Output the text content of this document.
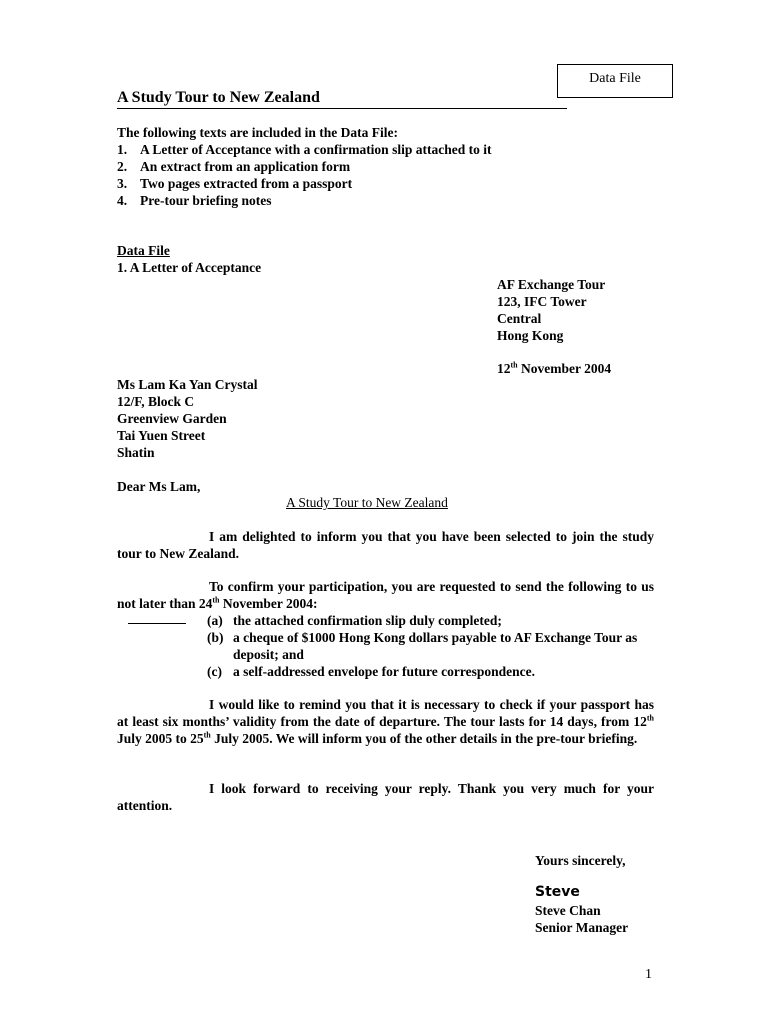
Data File
A Study Tour to New Zealand
The following texts are included in the Data File:
1. A Letter of Acceptance with a confirmation slip attached to it
2. An extract from an application form
3. Two pages extracted from a passport
4. Pre-tour briefing notes
Data File
1. A Letter of Acceptance
AF Exchange Tour
123, IFC Tower
Central
Hong Kong
12th November 2004
Ms Lam Ka Yan Crystal
12/F, Block C
Greenview Garden
Tai Yuen Street
Shatin
Dear Ms Lam,
A Study Tour to New Zealand
I am delighted to inform you that you have been selected to join the study tour to New Zealand.
To confirm your participation, you are requested to send the following to us not later than 24th November 2004:
(a) the attached confirmation slip duly completed;
(b) a cheque of $1000 Hong Kong dollars payable to AF Exchange Tour as deposit; and
(c) a self-addressed envelope for future correspondence.
I would like to remind you that it is necessary to check if your passport has at least six months’ validity from the date of departure. The tour lasts for 14 days, from 12th July 2005 to 25th July 2005. We will inform you of the other details in the pre-tour briefing.
I look forward to receiving your reply. Thank you very much for your attention.
Yours sincerely,
Steve
Steve Chan
Senior Manager
1
